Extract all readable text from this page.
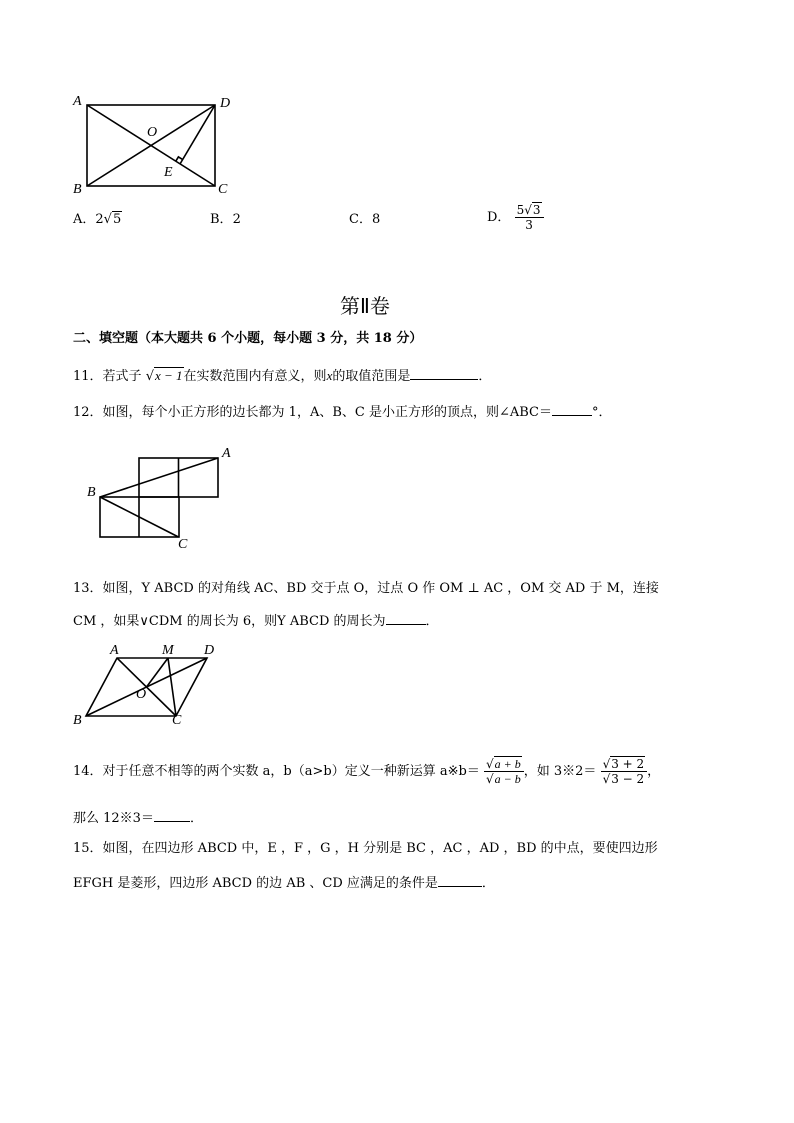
A	D
B	C
O
E
A．2√5	B．2	C．8	D． $\frac{5√3}{3}$
第Ⅱ卷
二、填空题（本大题共 6 个小题，每小题 3 分，共 18 分）
11．若式子 √x − 1在实数范围内有意义，则x的取值范围是	．
12．如图，每个小正方形的边长都为 1，A、B、C 是小正方形的顶点，则∠ABC＝	°．
A
B
C
13．如图，Y ABCD 的对角线 AC、BD 交于点 O，过点 O 作 OM ⊥ AC ，OM 交 AD 于 M，连接
CM ，如果∨CDM 的周长为 6，则Y ABCD 的周长为	．
A	M D
O
B	C
14．对于任意不相等的两个实数 a，b（a>b）定义一种新运算 a※b＝ $\frac{√a + b}{√a - b}$ ，如 3※2＝ $\frac{√3 + 2}{√3 - 2}$ ，
那么 12※3＝	．
15．如图，在四边形 ABCD 中，E ，F ，G ，H 分别是 BC ，AC ，AD ，BD 的中点，要使四边形
EFGH 是菱形，四边形 ABCD 的边 AB 、CD 应满足的条件是	．
